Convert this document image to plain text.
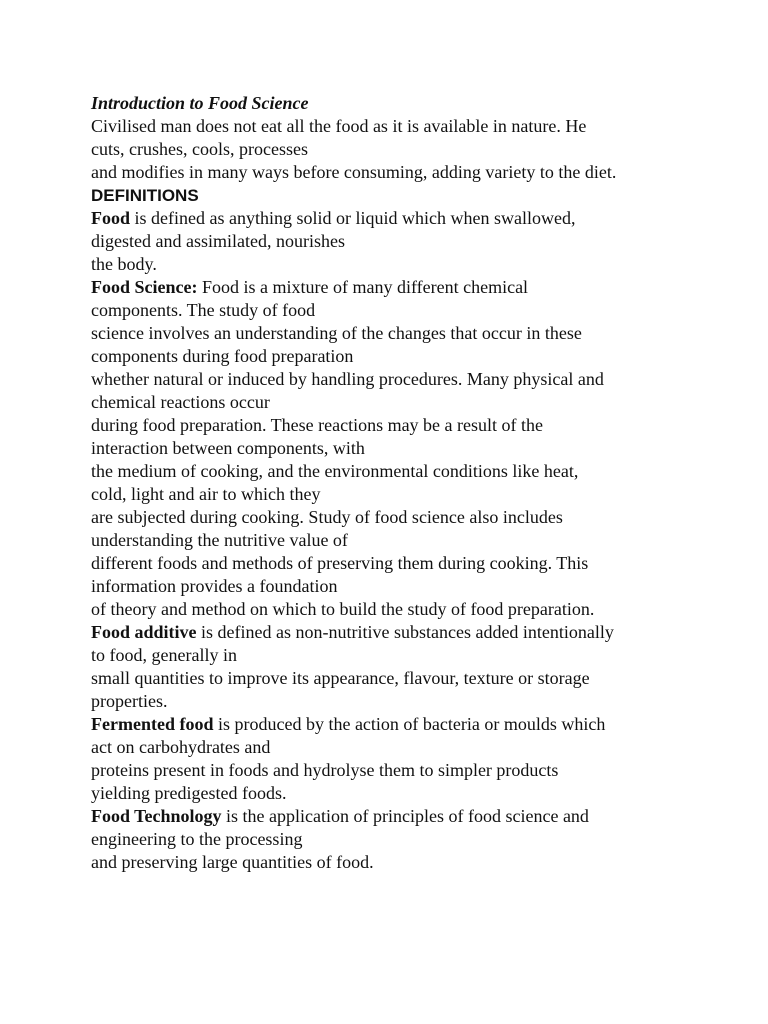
Introduction to Food Science
Civilised man does not eat all the food as it is available in nature. He
cuts, crushes, cools, processes
and modifies in many ways before consuming, adding variety to the diet.
DEFINITIONS
Food is defined as anything solid or liquid which when swallowed,
digested and assimilated, nourishes
the body.
Food Science: Food is a mixture of many different chemical
components. The study of food
science involves an understanding of the changes that occur in these
components during food preparation
whether natural or induced by handling procedures. Many physical and
chemical reactions occur
during food preparation. These reactions may be a result of the
interaction between components, with
the medium of cooking, and the environmental conditions like heat,
cold, light and air to which they
are subjected during cooking. Study of food science also includes
understanding the nutritive value of
different foods and methods of preserving them during cooking. This
information provides a foundation
of theory and method on which to build the study of food preparation.
Food additive is defined as non-nutritive substances added intentionally
to food, generally in
small quantities to improve its appearance, flavour, texture or storage
properties.
Fermented food is produced by the action of bacteria or moulds which
act on carbohydrates and
proteins present in foods and hydrolyse them to simpler products
yielding predigested foods.
Food Technology is the application of principles of food science and
engineering to the processing
and preserving large quantities of food.
